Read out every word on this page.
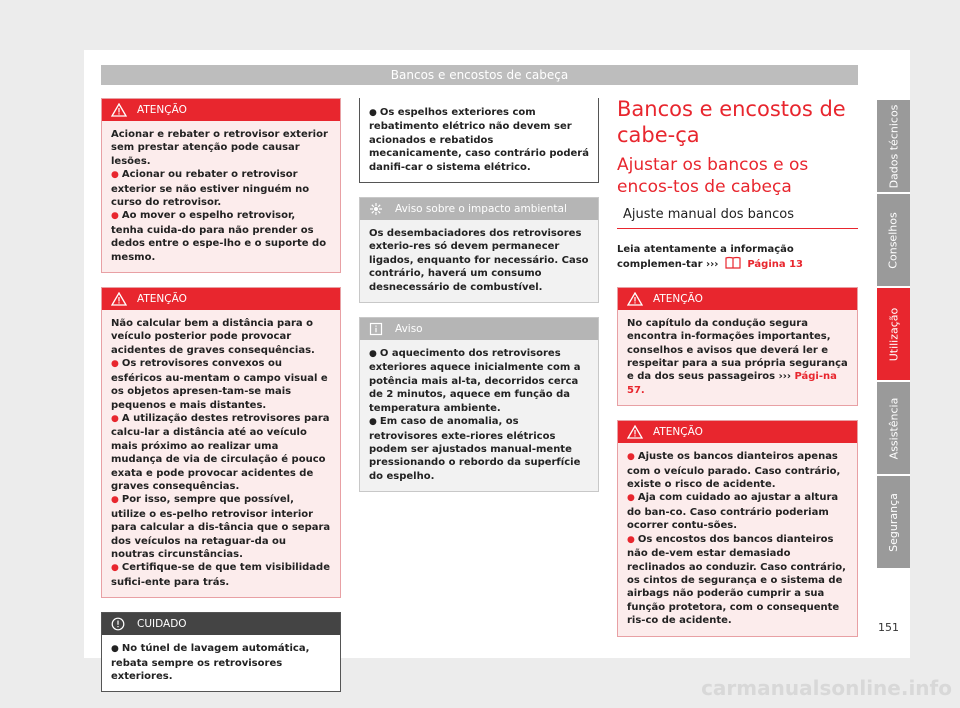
Bancos e encostos de cabeça
ATENÇÃO

Acionar e rebater o retrovisor exterior sem prestar atenção pode causar lesões.

● Acionar ou rebater o retrovisor exterior se não estiver ninguém no curso do retrovisor.

● Ao mover o espelho retrovisor, tenha cuida-do para não prender os dedos entre o espe-lho e o suporte do mesmo.

ATENÇÃO

Não calcular bem a distância para o veículo posterior pode provocar acidentes de graves consequências.

● Os retrovisores convexos ou esféricos au-mentam o campo visual e os objetos apresen-tam-se mais pequenos e mais distantes.

● A utilização destes retrovisores para calcu-lar a distância até ao veículo mais próximo ao realizar uma mudança de via de circulação é pouco exata e pode provocar acidentes de graves consequências.

● Por isso, sempre que possível, utilize o es-pelho retrovisor interior para calcular a dis-tância que o separa dos veículos na retaguar-da ou noutras circunstâncias.

● Certifique-se de que tem visibilidade sufici-ente para trás.

CUIDADO

● No túnel de lavagem automática, rebata sempre os retrovisores exteriores.

● Os espelhos exteriores com rebatimento elétrico não devem ser acionados e rebatidos mecanicamente, caso contrário poderá danifi-car o sistema elétrico.

Aviso sobre o impacto ambiental

Os desembaciadores dos retrovisores exterio-res só devem permanecer ligados, enquanto for necessário. Caso contrário, haverá um consumo desnecessário de combustível.

Aviso

● O aquecimento dos retrovisores exteriores aquece inicialmente com a potência mais al-ta, decorridos cerca de 2 minutos, aquece em função da temperatura ambiente.

● Em caso de anomalia, os retrovisores exte-riores elétricos podem ser ajustados manual-mente pressionando o rebordo da superfície do espelho.

Bancos e encostos de cabe-ça
Ajustar os bancos e os encos-tos de cabeça
Ajuste manual dos bancos

Leia atentamente a informação complemen-tar ›››	Página 13

ATENÇÃO

No capítulo da condução segura encontra in-formações importantes, conselhos e avisos que deverá ler e respeitar para a sua própria segurança e da dos seus passageiros ››› Pági-na 57.

ATENÇÃO

● Ajuste os bancos dianteiros apenas com o veículo parado. Caso contrário, existe o risco de acidente.

● Aja com cuidado ao ajustar a altura do ban-co. Caso contrário poderiam ocorrer contu-sões.

● Os encostos dos bancos dianteiros não de-vem estar demasiado reclinados ao conduzir. Caso contrário, os cintos de segurança e o sistema de airbags não poderão cumprir a sua função protetora, com o consequente ris-co de acidente.

Dados técnicos
Conselhos
Utilização
Assistência
Segurança
151
carmanualsonline.info
